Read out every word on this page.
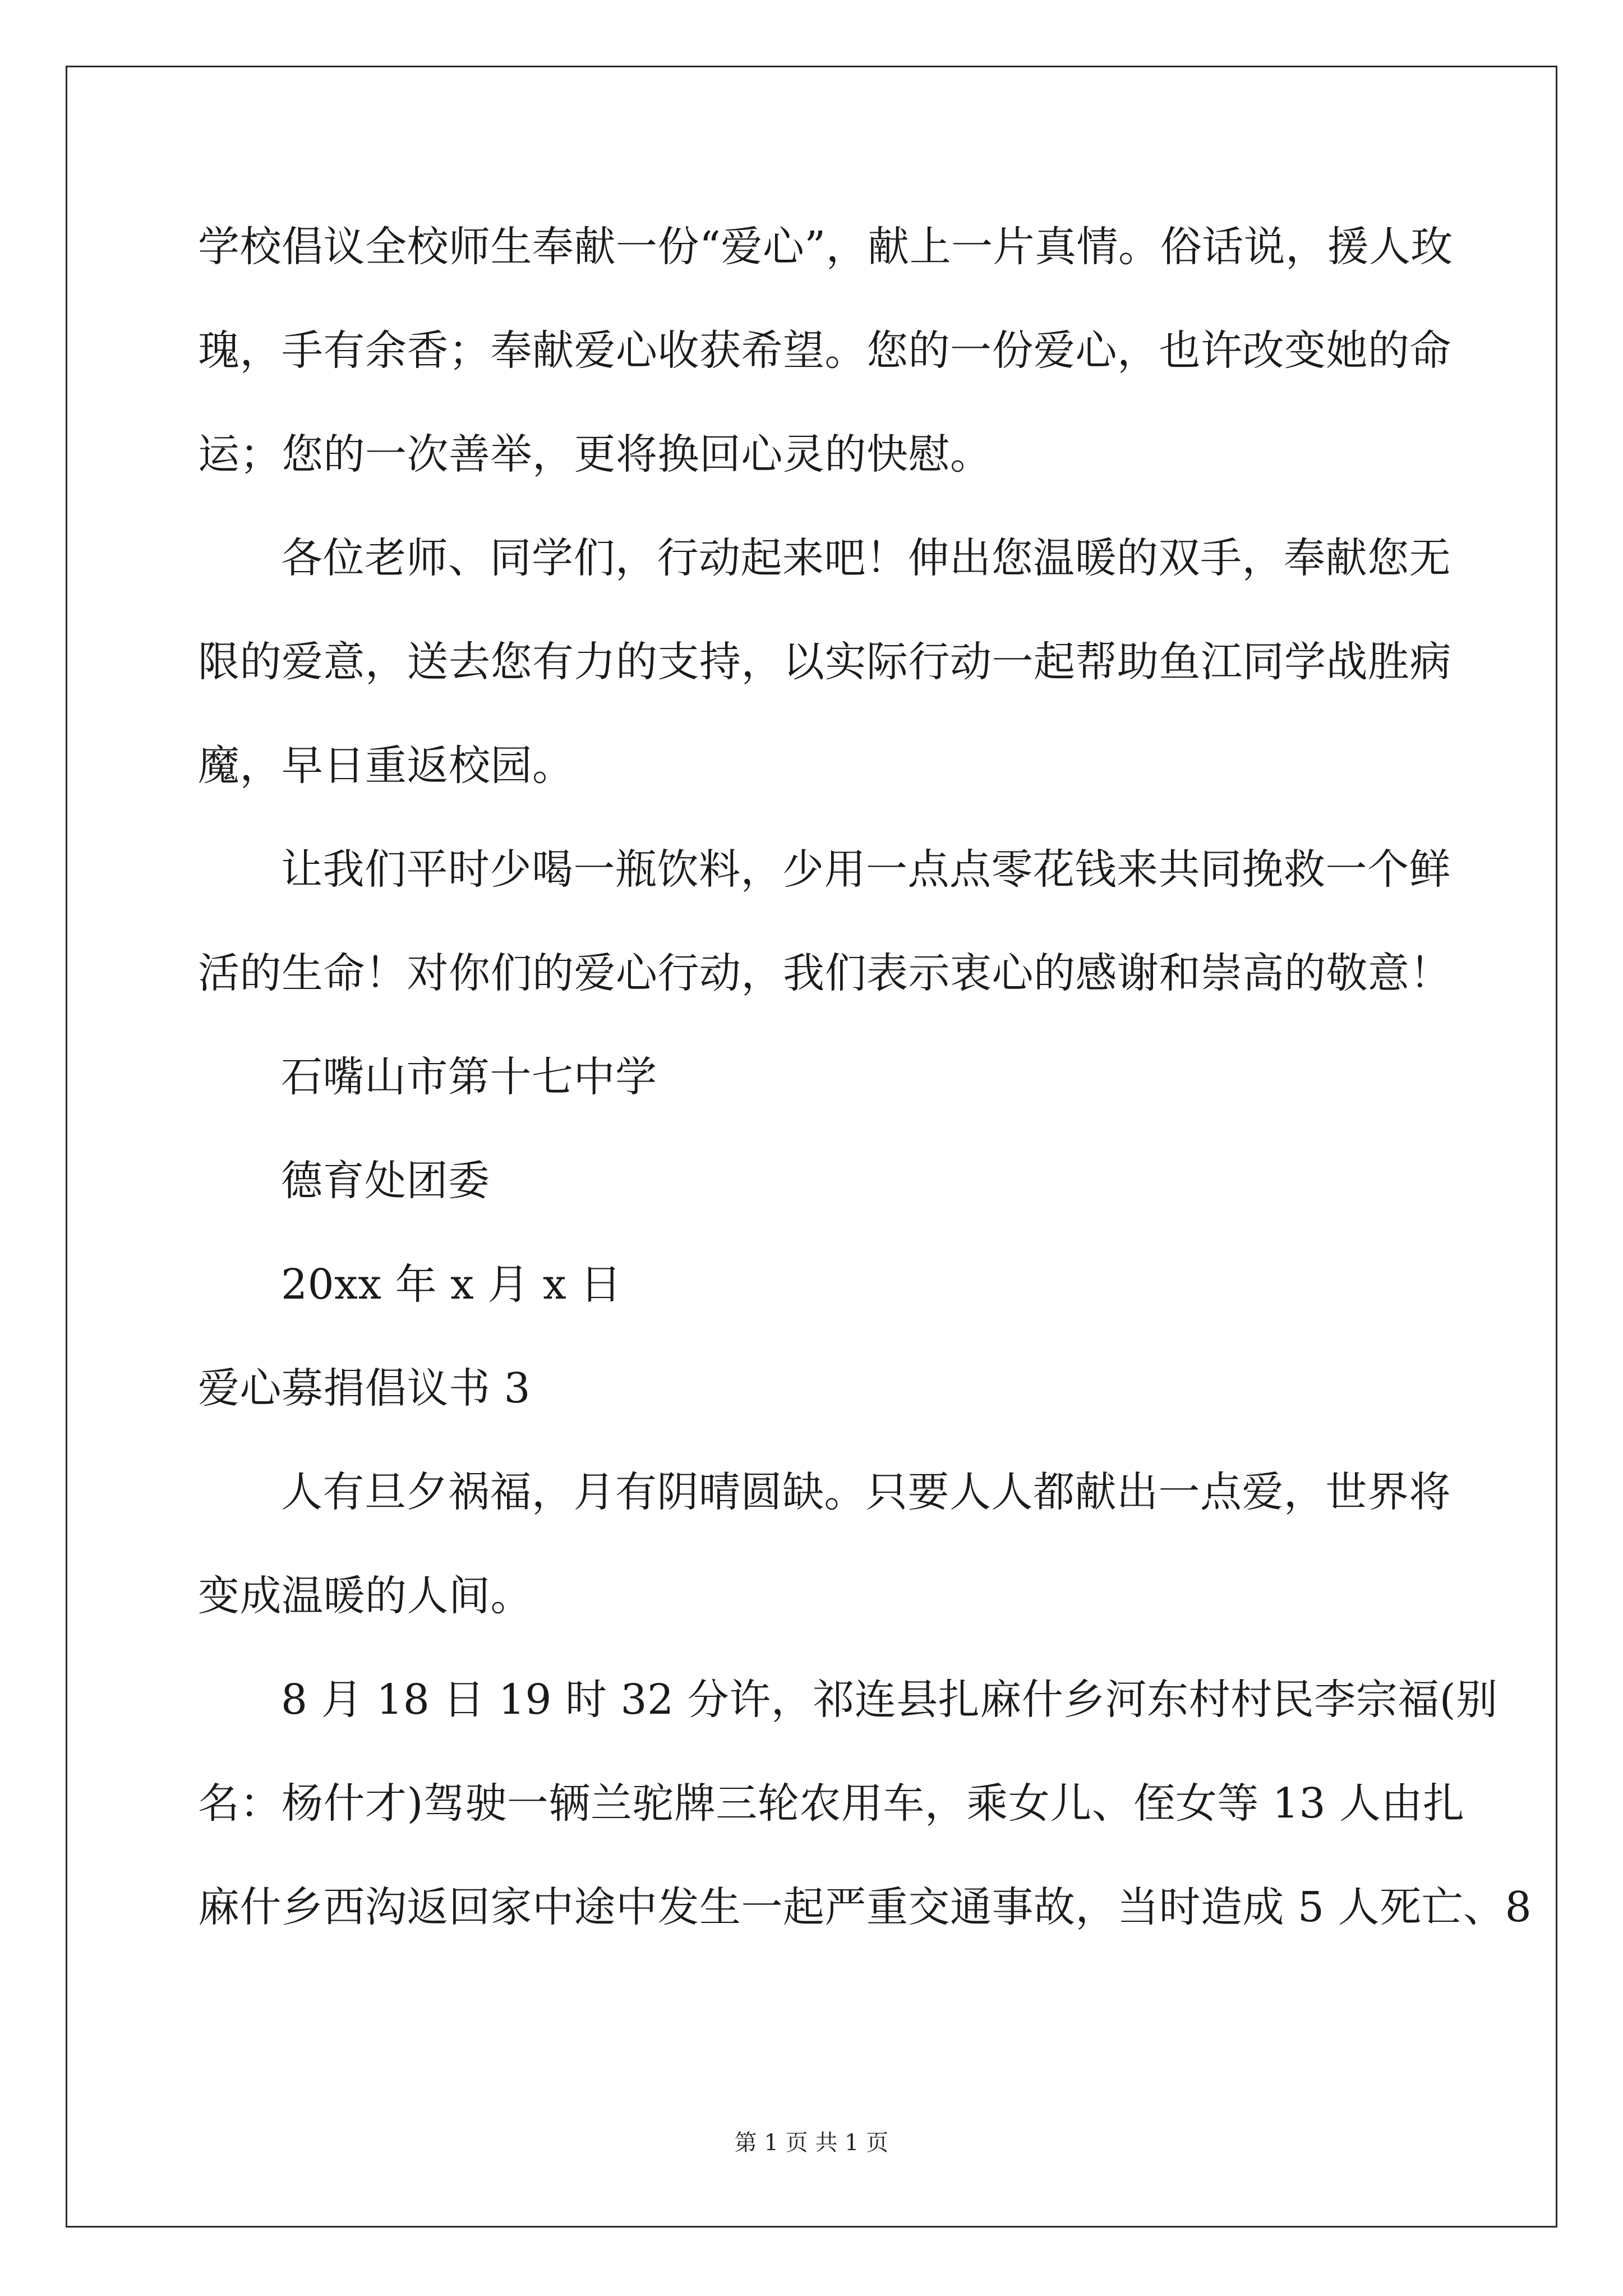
学校倡议全校师生奉献一份“爱心”，献上一片真情。俗话说，援人玫
瑰，手有余香；奉献爱心收获希望。您的一份爱心，也许改变她的命
运；您的一次善举，更将换回心灵的快慰。
各位老师、同学们，行动起来吧！伸出您温暖的双手，奉献您无
限的爱意，送去您有力的支持，以实际行动一起帮助鱼江同学战胜病
魔，早日重返校园。
让我们平时少喝一瓶饮料，少用一点点零花钱来共同挽救一个鲜
活的生命！对你们的爱心行动，我们表示衷心的感谢和崇高的敬意！
石嘴山市第十七中学
德育处团委
20xx 年 x 月 x 日
爱心募捐倡议书 3
人有旦夕祸福，月有阴晴圆缺。只要人人都献出一点爱，世界将
变成温暖的人间。
8 月 18 日 19 时 32 分许，祁连县扎麻什乡河东村村民李宗福(别
名：杨什才)驾驶一辆兰驼牌三轮农用车，乘女儿、侄女等 13 人由扎
麻什乡西沟返回家中途中发生一起严重交通事故，当时造成 5 人死亡、8
第 1 页 共 1 页
